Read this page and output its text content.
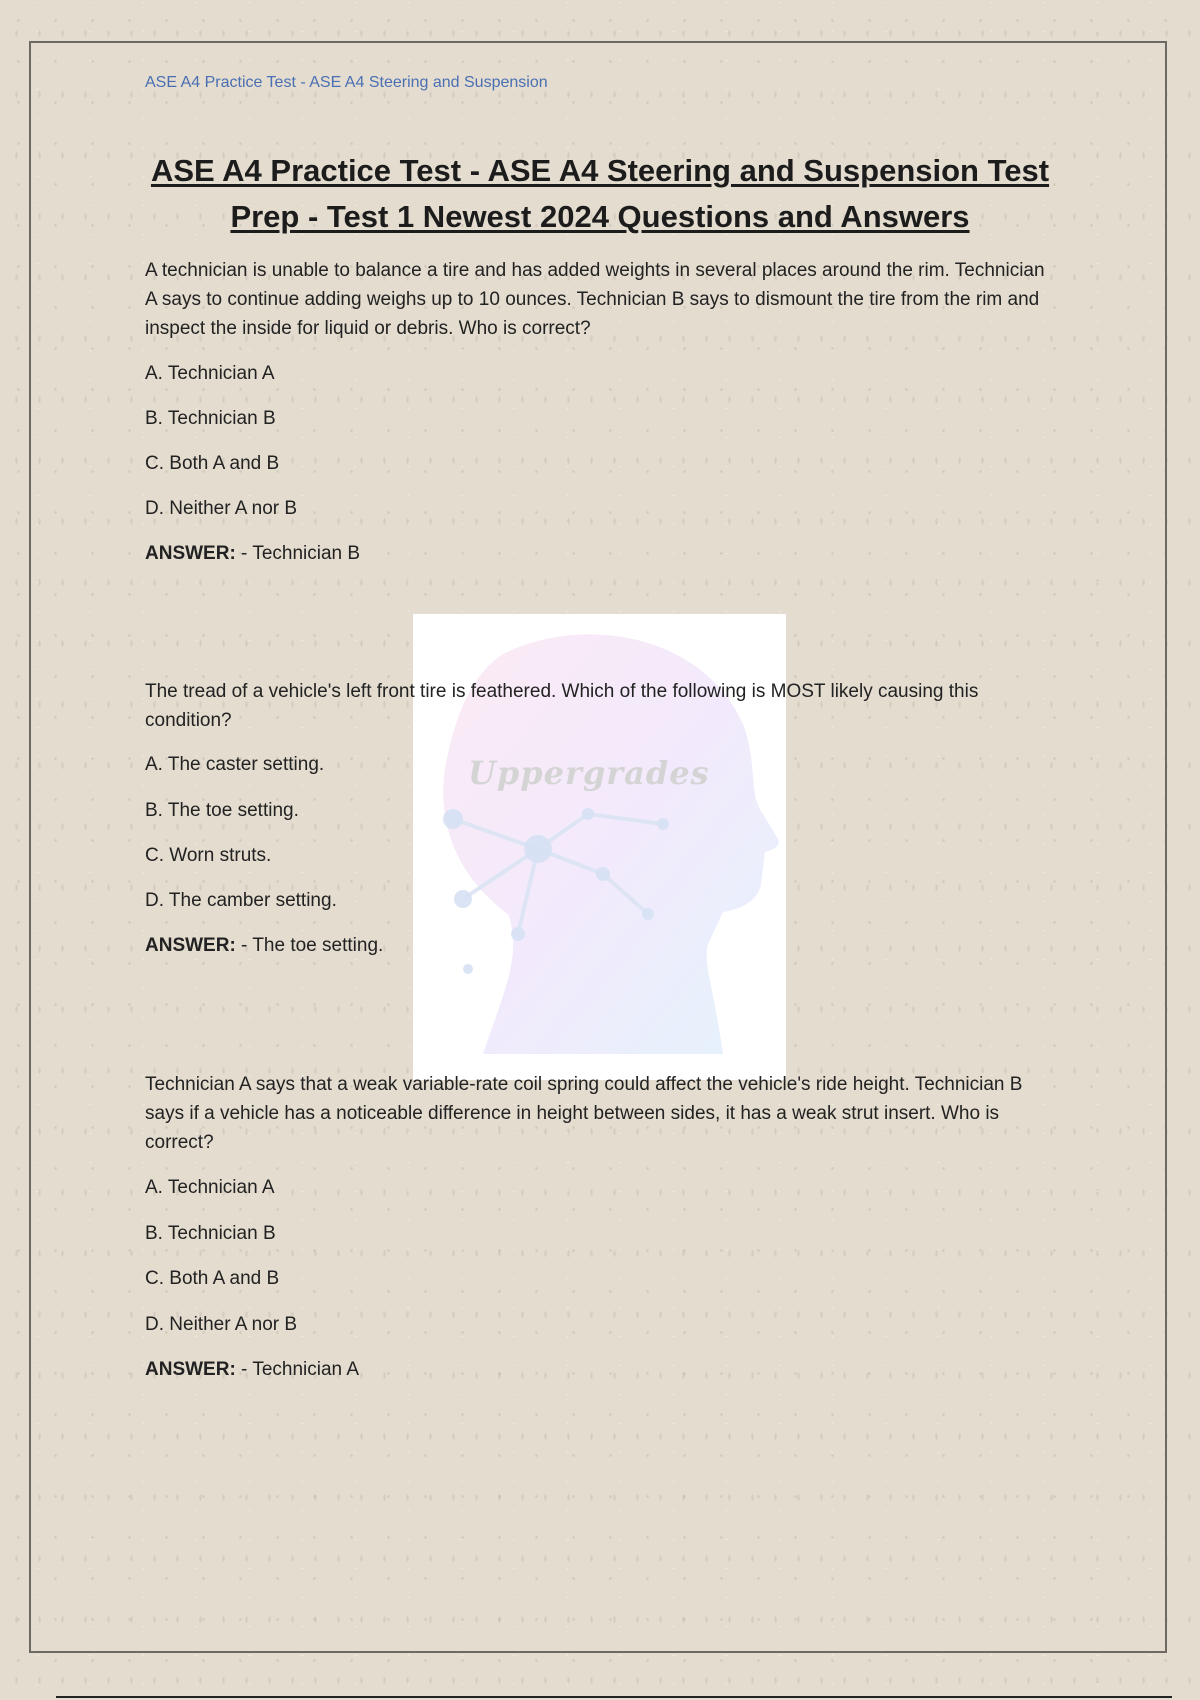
ASE A4 Practice Test - ASE A4 Steering and Suspension
ASE A4 Practice Test - ASE A4 Steering and Suspension Test Prep - Test 1 Newest 2024 Questions and Answers
Uppergrades

A technician is unable to balance a tire and has added weights in several places around the rim. Technician A says to continue adding weighs up to 10 ounces. Technician B says to dismount the tire from the rim and inspect the inside for liquid or debris. Who is correct?

A. Technician A
B. Technician B
C. Both A and B
D. Neither A nor B
ANSWER: - Technician B

The tread of a vehicle's left front tire is feathered. Which of the following is MOST likely causing this condition?

A. The caster setting.
B. The toe setting.
C. Worn struts.
D. The camber setting.
ANSWER: - The toe setting.

Technician A says that a weak variable-rate coil spring could affect the vehicle's ride height. Technician B says if a vehicle has a noticeable difference in height between sides, it has a weak strut insert. Who is correct?

A. Technician A
B. Technician B
C. Both A and B
D. Neither A nor B
ANSWER: - Technician A
